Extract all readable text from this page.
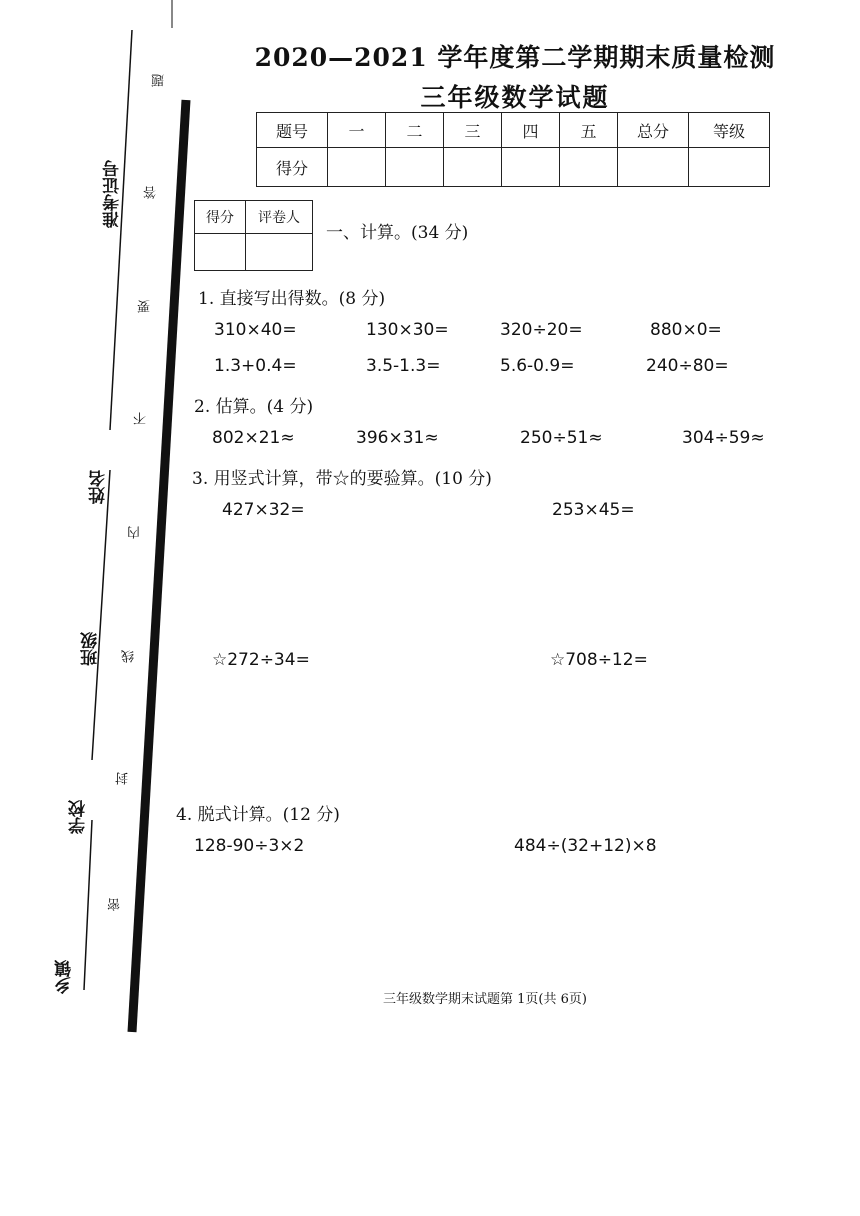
准考证号
姓名
班级
学校
乡镇
题
答
要
不
内
线
封
密
2020—2021 学年度第二学期期末质量检测
三年级数学试题
题号	一	二	三	四	五	总分	等级
得分							
得分	评卷人

一、计算。(34 分)
1. 直接写出得数。(8 分)
310×40=	130×30=	320÷20=	880×0=
1.3+0.4=	3.5-1.3=	5.6-0.9=	240÷80=
2. 估算。(4 分)
802×21≈	396×31≈	250÷51≈	304÷59≈
3. 用竖式计算，带☆的要验算。(10 分)
427×32=	253×45=
☆272÷34=	☆708÷12=
4. 脱式计算。(12 分)
128-90÷3×2	484÷(32+12)×8
三年级数学期末试题第 1页(共 6页)
